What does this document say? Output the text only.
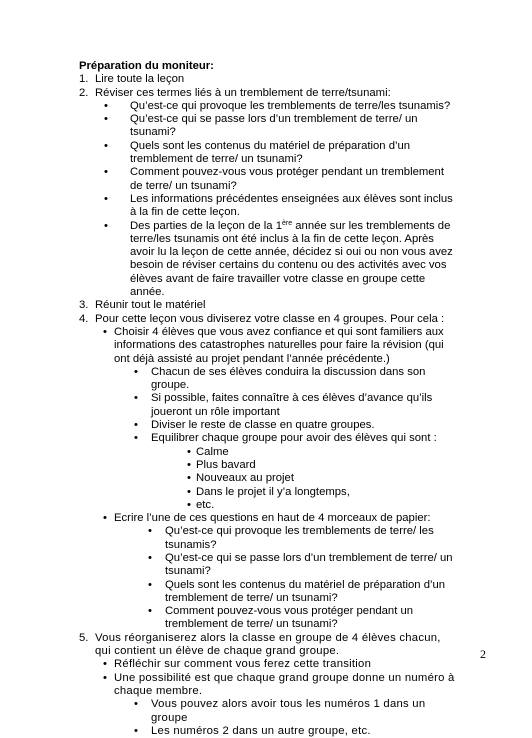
Préparation du moniteur:
1. Lire toute la leçon
2. Réviser ces termes liés à un tremblement de terre/tsunami:
• Qu’est-ce qui provoque les tremblements de terre/les tsunamis?
• Qu’est-ce qui se passe lors d’un tremblement de terre/ un tsunami?
• Quels sont les contenus du matériel de préparation d’un tremblement de terre/ un tsunami?
• Comment pouvez-vous vous protéger pendant un tremblement de terre/ un tsunami?
• Les informations précédentes enseignées aux élèves sont inclus à la fin de cette leçon.
• Des parties de la leçon de la 1ère année sur les tremblements de terre/les tsunamis ont été inclus à la fin de cette leçon. Après avoir lu la leçon de cette année, décidez si oui ou non vous avez besoin de réviser certains du contenu ou des activités avec vos élèves avant de faire travailler votre classe en groupe cette année.
3. Réunir tout le matériel
4. Pour cette leçon vous diviserez votre classe en 4 groupes. Pour cela :
• Choisir 4 élèves que vous avez confiance et qui sont familiers aux informations des catastrophes naturelles pour faire la révision (qui ont déjà assisté au projet pendant l’année précédente.)
• Chacun de ses élèves conduira la discussion dans son groupe.
• Si possible, faites connaître à ces élèves d’avance qu’ils joueront un rôle important
• Diviser le reste de classe en quatre groupes.
• Equilibrer chaque groupe pour avoir des élèves qui sont :
• Calme
• Plus bavard
• Nouveaux au projet
• Dans le projet il y’a longtemps,
• etc.
• Ecrire l’une de ces questions en haut de 4 morceaux de papier:
• Qu’est-ce qui provoque les tremblements de terre/ les tsunamis?
• Qu’est-ce qui se passe lors d’un tremblement de terre/ un tsunami?
• Quels sont les contenus du matériel de préparation d’un tremblement de terre/ un tsunami?
• Comment pouvez-vous vous protéger pendant un tremblement de terre/ un tsunami?
5. Vous réorganiserez alors la classe en groupe de 4 élèves chacun, qui contient un élève de chaque grand groupe.
• Réfléchir sur comment vous ferez cette transition
• Une possibilité est que chaque grand groupe donne un numéro à chaque membre.
• Vous pouvez alors avoir tous les numéros 1 dans un groupe
• Les numéros 2 dans un autre groupe, etc.
2
